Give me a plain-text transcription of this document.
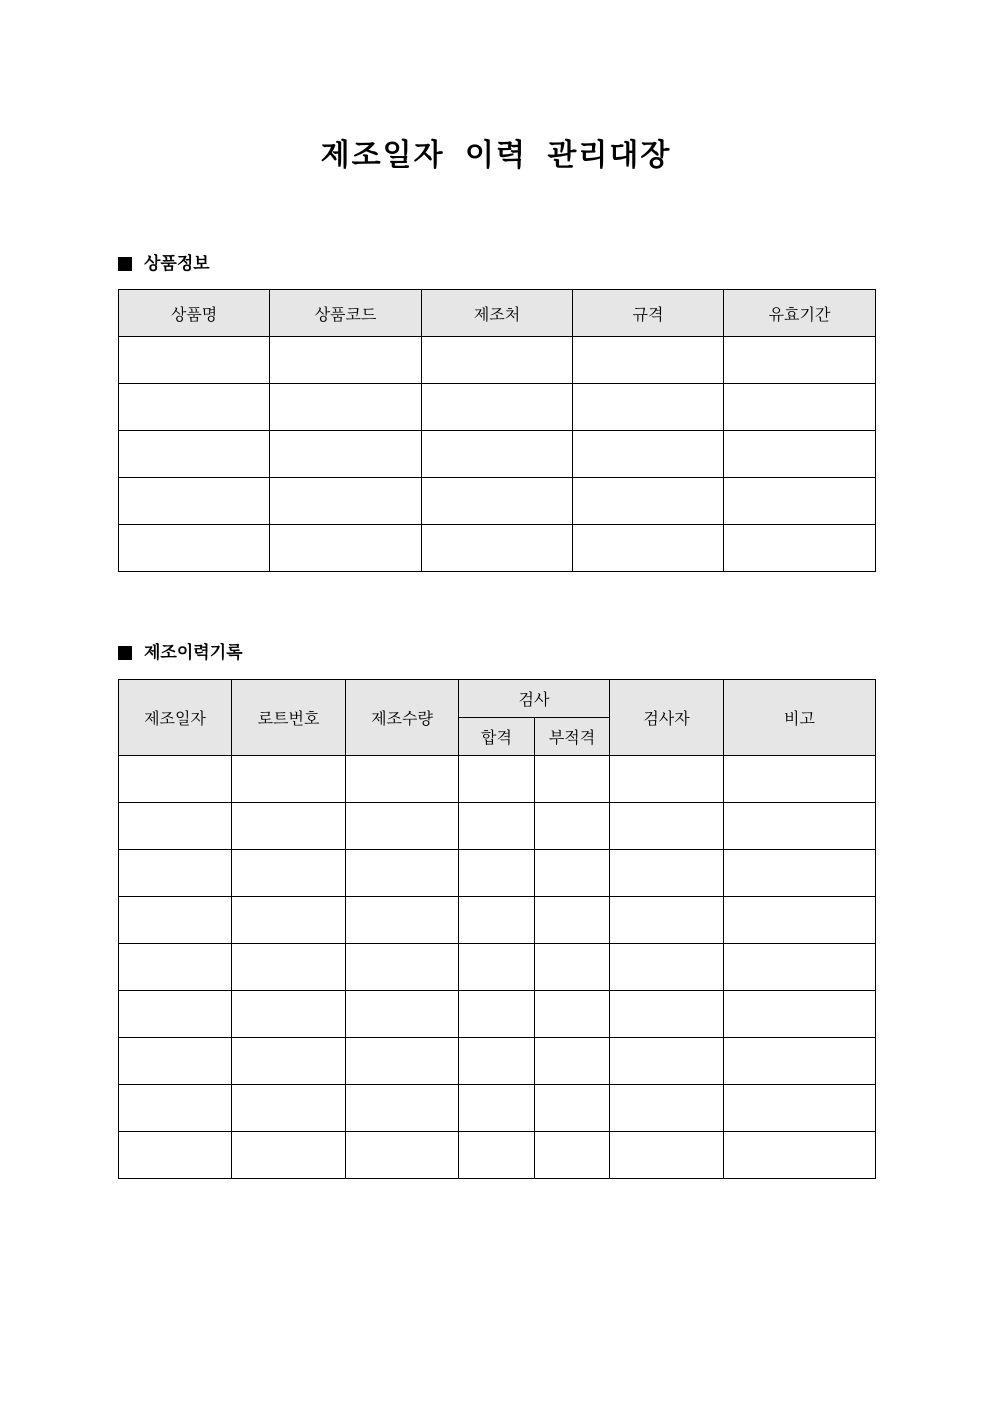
제조일자 이력 관리대장
상품정보
상품명	상품코드	제조처	규격	유효기간

제조이력기록
제조일자	로트번호	제조수량	검사		검사자	비고
			합격	부적격		
